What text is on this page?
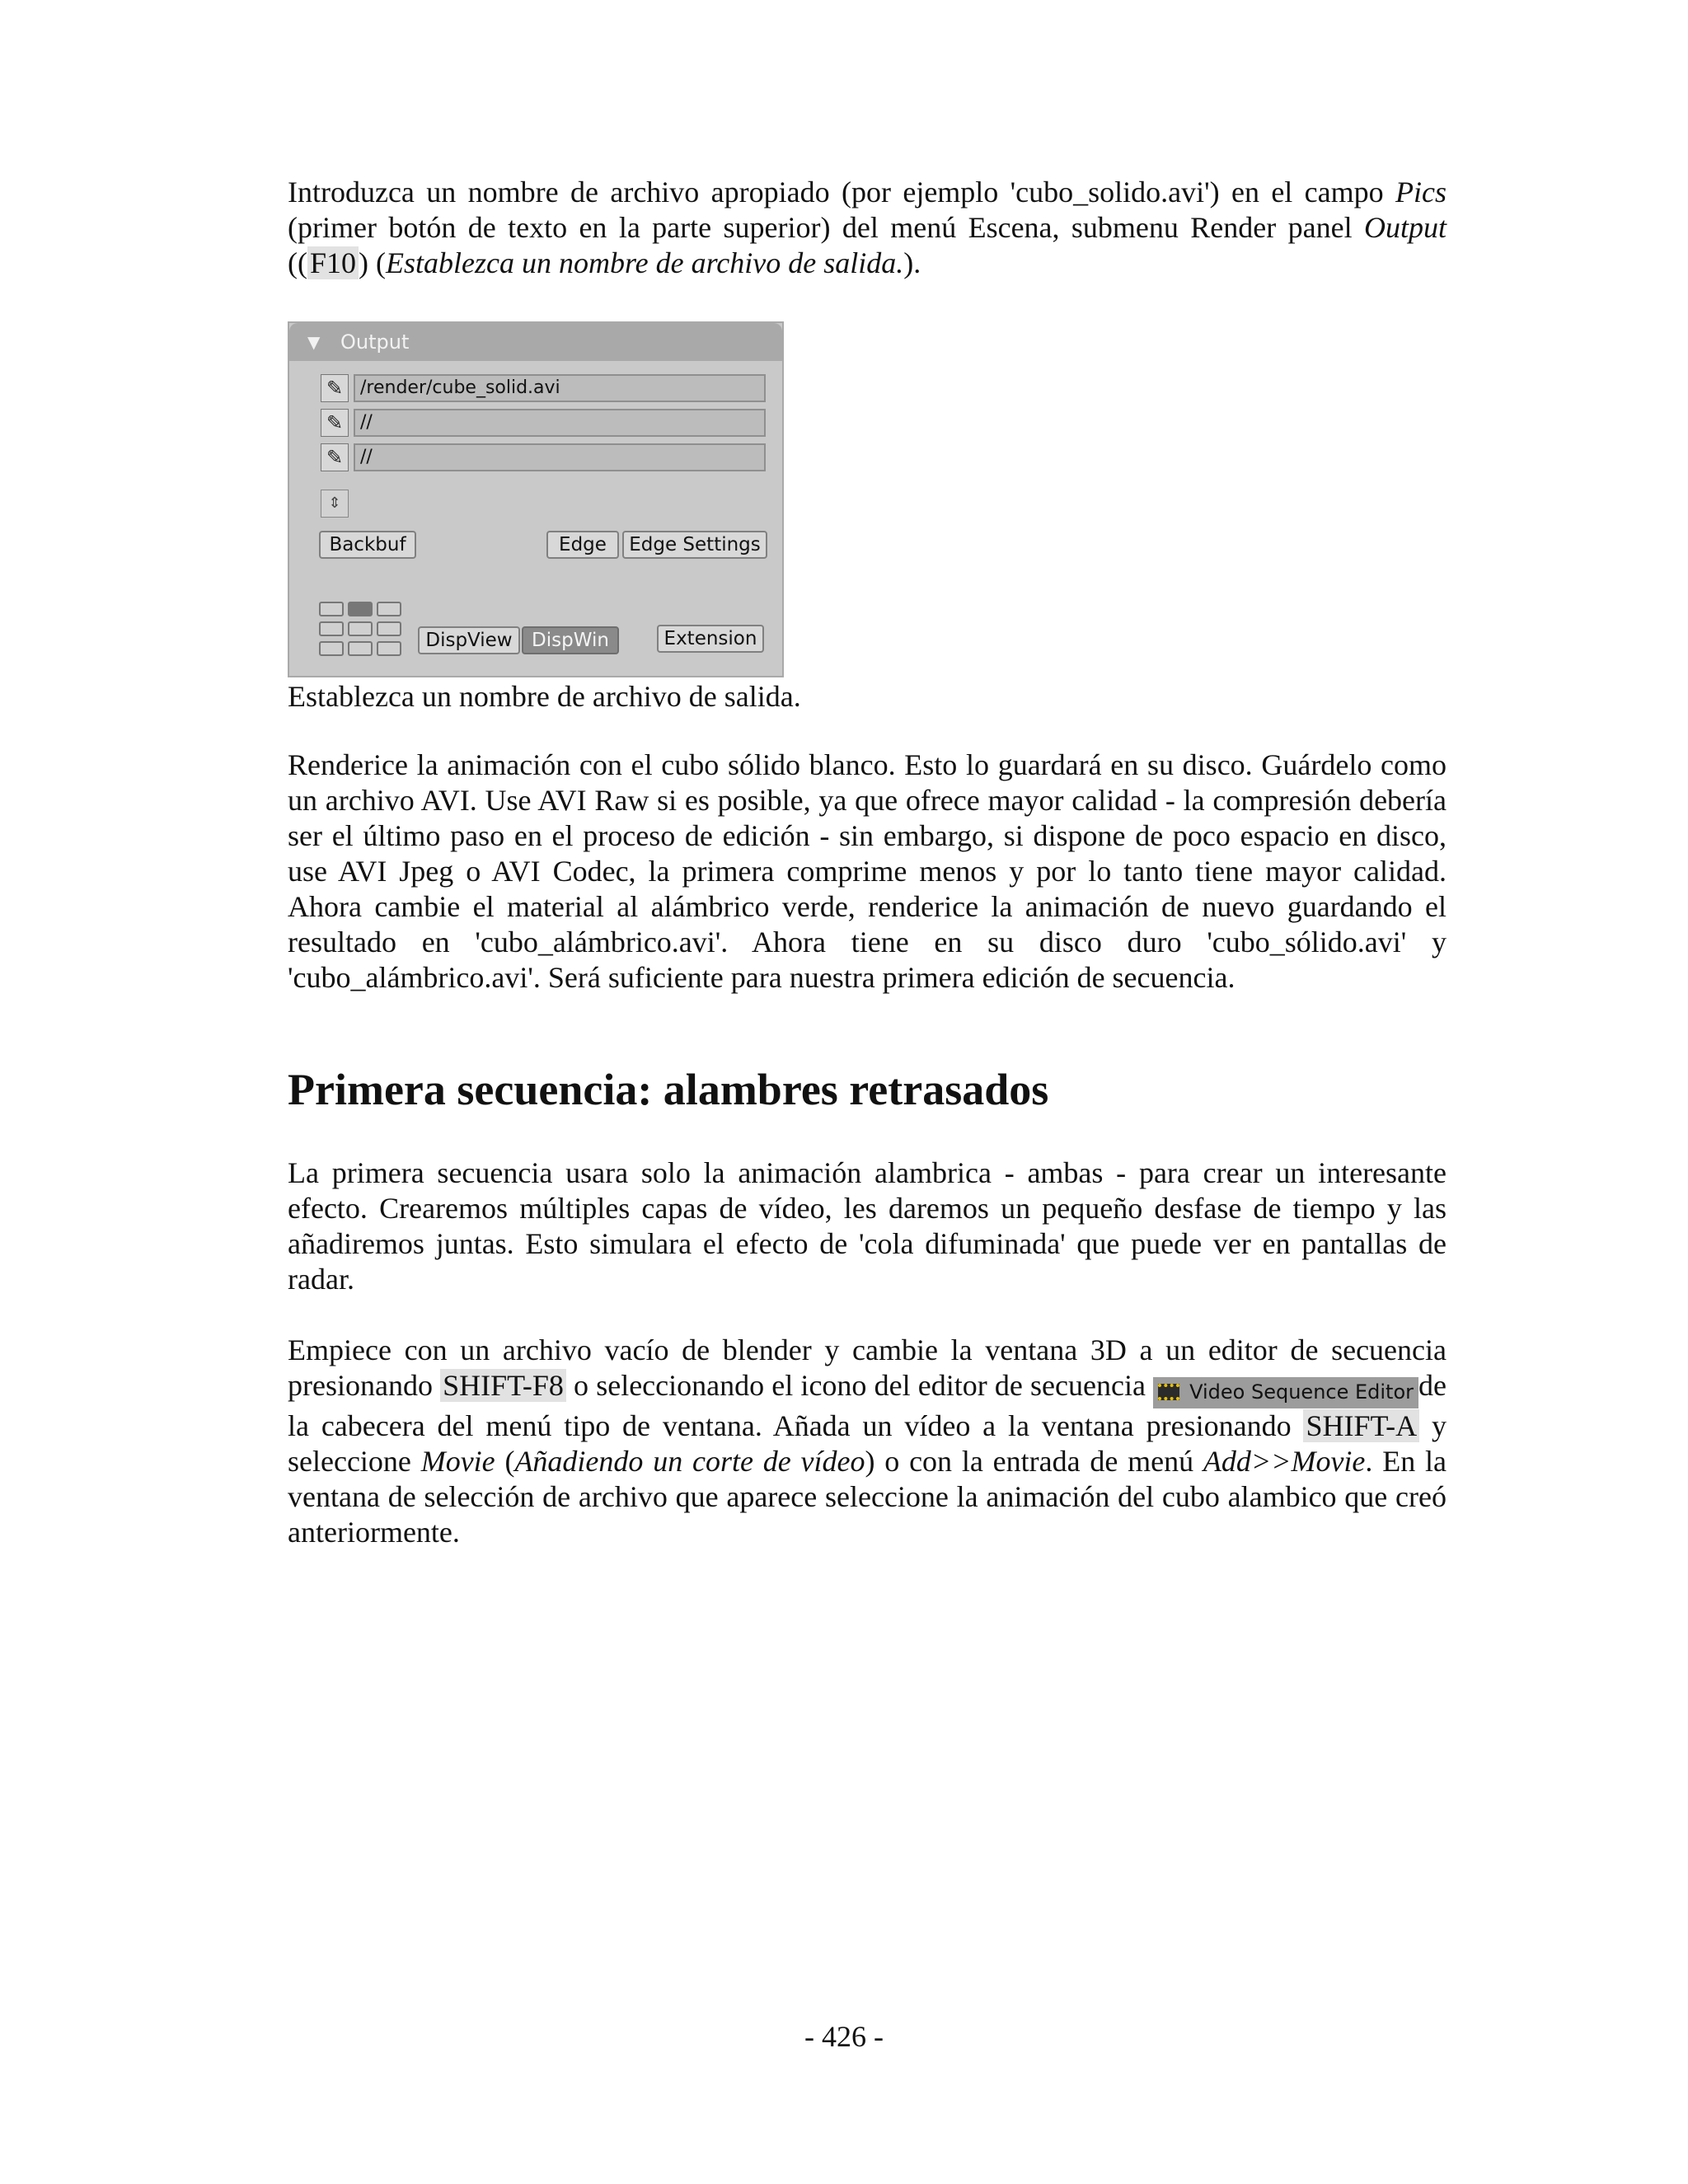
Introduzca un nombre de archivo apropiado (por ejemplo 'cubo_solido.avi') en el campo Pics (primer botón de texto en la parte superior) del menú Escena, submenu Render panel Output ((F10) (Establezca un nombre de archivo de salida.).

Establezca un nombre de archivo de salida.

Renderice la animación con el cubo sólido blanco. Esto lo guardará en su disco. Guárdelo como un archivo AVI. Use AVI Raw si es posible, ya que ofrece mayor calidad - la compresión debería ser el último paso en el proceso de edición - sin embargo, si dispone de poco espacio en disco, use AVI Jpeg o AVI Codec, la primera comprime menos y por lo tanto tiene mayor calidad. Ahora cambie el material al alámbrico verde, renderice la animación de nuevo guardando el resultado en 'cubo_alámbrico.avi'. Ahora tiene en su disco duro 'cubo_sólido.avi' y 'cubo_alámbrico.avi'. Será suficiente para nuestra primera edición de secuencia.

Primera secuencia: alambres retrasados

La primera secuencia usara solo la animación alambrica - ambas - para crear un interesante efecto. Crearemos múltiples capas de vídeo, les daremos un pequeño desfase de tiempo y las añadiremos juntas. Esto simulara el efecto de 'cola difuminada' que puede ver en pantallas de radar.

Empiece con un archivo vacío de blender y cambie la ventana 3D a un editor de secuencia presionando SHIFT-F8 o seleccionando el icono del editor de secuencia Video Sequence Editor de la cabecera del menú tipo de ventana. Añada un vídeo a la ventana presionando SHIFT-A y seleccione Movie (Añadiendo un corte de vídeo) o con la entrada de menú Add>>Movie. En la ventana de selección de archivo que aparece seleccione la animación del cubo alambico que creó anteriormente.

▼ Output
✎ /render/cube_solid.avi
✎ //
✎ //
⇕
Backbuf	Edge	Edge Settings
DispView	DispWin	Extension
- 426 -
